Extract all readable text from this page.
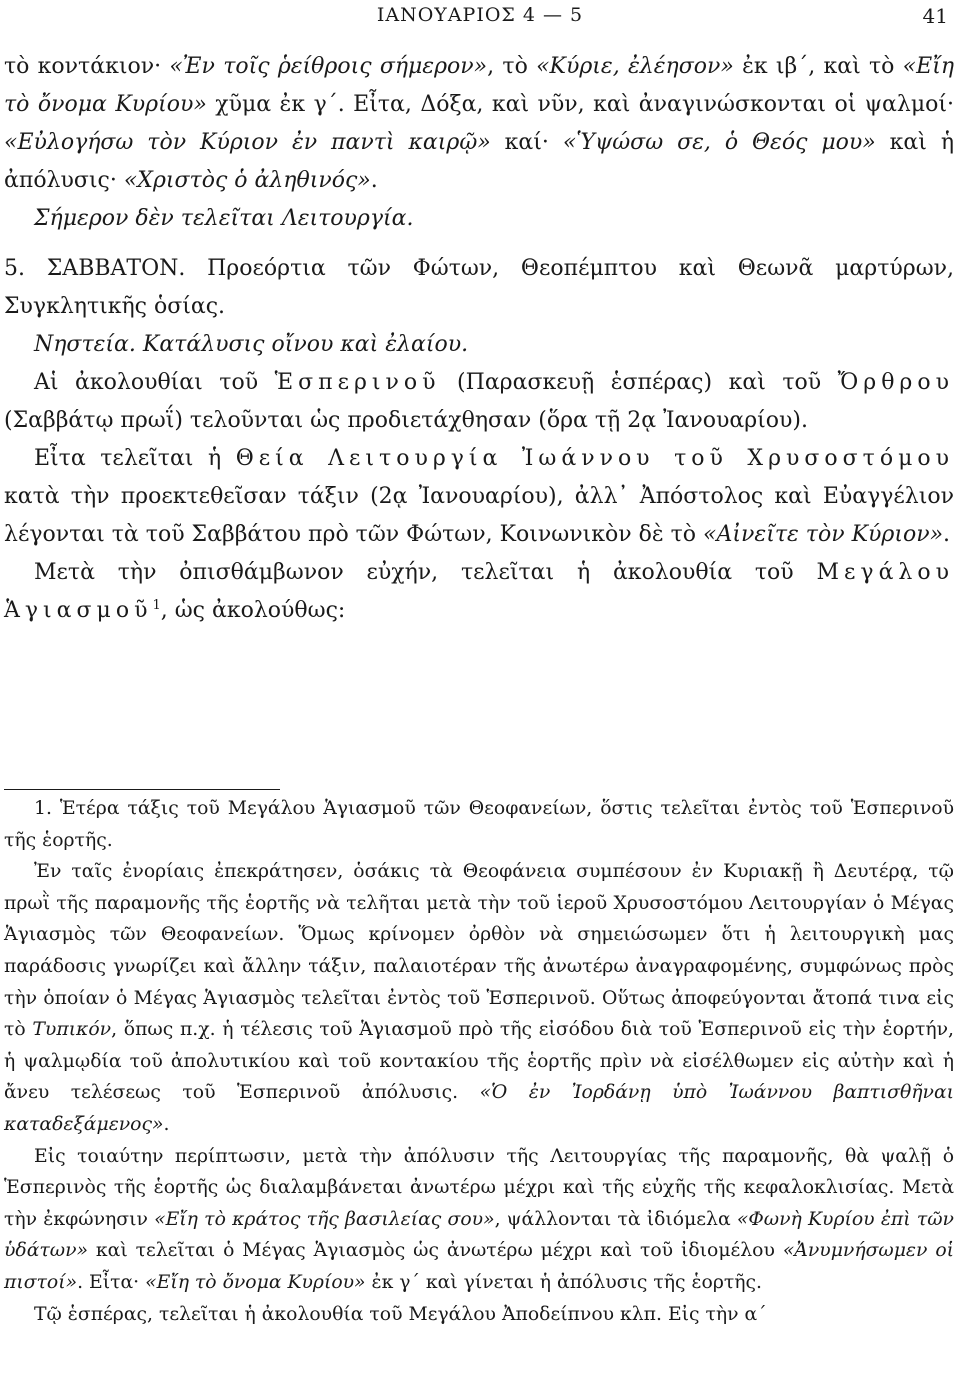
ΙΑΝΟΥΑΡΙΟΣ 4 — 5	41

τὸ κοντάκιον· «Ἐν τοῖς ῥείθροις σήμερον», τὸ «Κύριε, ἐλέησον» ἐκ ιβ´, καὶ τὸ «Εἴη τὸ ὄνομα Κυρίου» χῦμα ἐκ γ´. Εἶτα, Δόξα, καὶ νῦν, καὶ ἀναγινώσκονται οἱ ψαλμοί· «Εὐλογήσω τὸν Κύριον ἐν παντὶ καιρῷ» καί· «Ὑψώσω σε, ὁ Θεός μου» καὶ ἡ ἀπόλυσις· «Χριστὸς ὁ ἀληθινός».

Σήμερον δὲν τελεῖται Λειτουργία.

5. ΣΑΒΒΑΤΟΝ. Προεόρτια τῶν Φώτων, Θεοπέμπτου καὶ Θεωνᾶ μαρτύρων, Συγκλητικῆς ὁσίας.

Νηστεία. Κατάλυσις οἴνου καὶ ἐλαίου.

Αἱ ἀκολουθίαι τοῦ Ἑσπερινοῦ (Παρασκευῇ ἑσπέρας) καὶ τοῦ Ὄρθρου (Σαββάτῳ πρωΐ) τελοῦνται ὡς προδιετάχθησαν (ὅρα τῇ 2ᾳ Ἰανουαρίου).

Εἶτα τελεῖται ἡ Θεία Λειτουργία Ἰωάννου τοῦ Χρυσοστόμου κατὰ τὴν προεκτεθεῖσαν τάξιν (2ᾳ Ἰανουαρίου), ἀλλ᾽ Ἀπόστολος καὶ Εὐαγγέλιον λέγονται τὰ τοῦ Σαββάτου πρὸ τῶν Φώτων, Κοινωνικὸν δὲ τὸ «Αἰνεῖτε τὸν Κύριον».

Μετὰ τὴν ὀπισθάμβωνον εὐχήν, τελεῖται ἡ ἀκολουθία τοῦ Μεγάλου Ἁγιασμοῦ$^1$, ὡς ἀκολούθως:

1. Ἑτέρα τάξις τοῦ Μεγάλου Ἁγιασμοῦ τῶν Θεοφανείων, ὅστις τελεῖται ἐντὸς τοῦ Ἑσπερινοῦ τῆς ἑορτῆς.

Ἐν ταῖς ἐνορίαις ἐπεκράτησεν, ὁσάκις τὰ Θεοφάνεια συμπέσουν ἐν Κυριακῇ ἢ Δευτέρᾳ, τῷ πρωῒ τῆς παραμονῆς τῆς ἑορτῆς νὰ τελῆται μετὰ τὴν τοῦ ἱεροῦ Χρυσοστόμου Λειτουργίαν ὁ Μέγας Ἁγιασμὸς τῶν Θεοφανείων. Ὅμως κρίνομεν ὀρθὸν νὰ σημειώσωμεν ὅτι ἡ λειτουργικὴ μας παράδοσις γνωρίζει καὶ ἄλλην τάξιν, παλαιοτέραν τῆς ἀνωτέρω ἀναγραφομένης, συμφώνως πρὸς τὴν ὁποίαν ὁ Μέγας Ἁγιασμὸς τελεῖται ἐντὸς τοῦ Ἑσπερινοῦ. Οὕτως ἀποφεύγονται ἄτοπά τινα εἰς τὸ Τυπικόν, ὅπως π.χ. ἡ τέλεσις τοῦ Ἁγιασμοῦ πρὸ τῆς εἰσόδου διὰ τοῦ Ἑσπερινοῦ εἰς τὴν ἑορτήν, ἡ ψαλμῳδία τοῦ ἀπολυτικίου καὶ τοῦ κοντακίου τῆς ἑορτῆς πρὶν νὰ εἰσέλθωμεν εἰς αὐτὴν καὶ ἡ ἄνευ τελέσεως τοῦ Ἑσπερινοῦ ἀπόλυσις. «Ὁ ἐν Ἰορδάνῃ ὑπὸ Ἰωάννου βαπτισθῆναι καταδεξάμενος».

Εἰς τοιαύτην περίπτωσιν, μετὰ τὴν ἀπόλυσιν τῆς Λειτουργίας τῆς παραμονῆς, θὰ ψαλῇ ὁ Ἑσπερινὸς τῆς ἑορτῆς ὡς διαλαμβάνεται ἀνωτέρω μέχρι καὶ τῆς εὐχῆς τῆς κεφαλοκλισίας. Μετὰ τὴν ἐκφώνησιν «Εἴη τὸ κράτος τῆς βασιλείας σου», ψάλλονται τὰ ἰδιόμελα «Φωνὴ Κυρίου ἐπὶ τῶν ὑδάτων» καὶ τελεῖται ὁ Μέγας Ἁγιασμὸς ὡς ἀνωτέρω μέχρι καὶ τοῦ ἰδιομέλου «Ἀνυμνήσωμεν οἱ πιστοί». Εἶτα· «Εἴη τὸ ὄνομα Κυρίου» ἐκ γ´ καὶ γίνεται ἡ ἀπόλυσις τῆς ἑορτῆς.

Τῷ ἑσπέρας, τελεῖται ἡ ἀκολουθία τοῦ Μεγάλου Ἀποδείπνου κλπ. Εἰς τὴν α´
